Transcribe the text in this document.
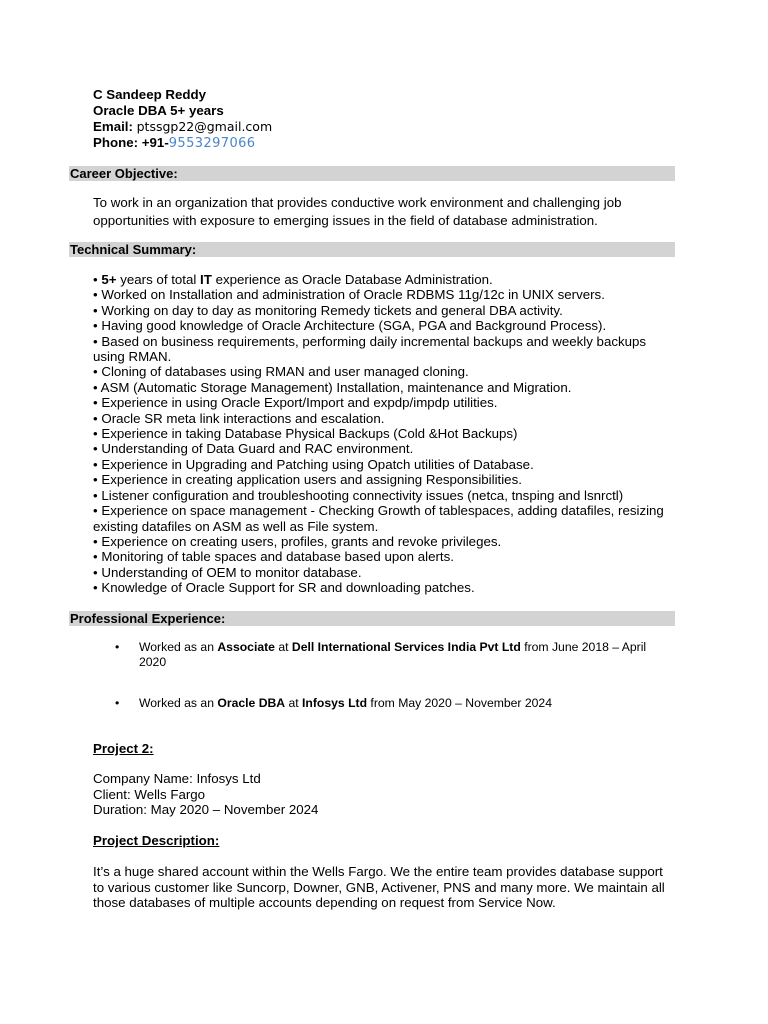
C Sandeep Reddy
Oracle DBA 5+ years
Email: ptssgp22@gmail.com
Phone: +91-9553297066
Career Objective:
To work in an organization that provides conductive work environment and challenging job opportunities with exposure to emerging issues in the field of database administration.
Technical Summary:
• 5+ years of total IT experience as Oracle Database Administration.
• Worked on Installation and administration of Oracle RDBMS 11g/12c in UNIX servers.
• Working on day to day as monitoring Remedy tickets and general DBA activity.
• Having good knowledge of Oracle Architecture (SGA, PGA and Background Process).
• Based on business requirements, performing daily incremental backups and weekly backups using RMAN.
• Cloning of databases using RMAN and user managed cloning.
• ASM (Automatic Storage Management) Installation, maintenance and Migration.
• Experience in using Oracle Export/Import and expdp/impdp utilities.
• Oracle SR meta link interactions and escalation.
• Experience in taking Database Physical Backups (Cold &Hot Backups)
• Understanding of Data Guard and RAC environment.
• Experience in Upgrading and Patching using Opatch utilities of Database.
• Experience in creating application users and assigning Responsibilities.
• Listener configuration and troubleshooting connectivity issues (netca, tnsping and lsnrctl)
• Experience on space management - Checking Growth of tablespaces, adding datafiles, resizing existing datafiles on ASM as well as File system.
• Experience on creating users, profiles, grants and revoke privileges.
• Monitoring of table spaces and database based upon alerts.
• Understanding of OEM to monitor database.
• Knowledge of Oracle Support for SR and downloading patches.
Professional Experience:
• Worked as an Associate at Dell International Services India Pvt Ltd from June 2018 – April 2020
• Worked as an Oracle DBA at Infosys Ltd from May 2020 – November 2024
Project 2:
Company Name: Infosys Ltd
Client: Wells Fargo
Duration: May 2020 – November 2024
Project Description:
It’s a huge shared account within the Wells Fargo. We the entire team provides database support to various customer like Suncorp, Downer, GNB, Activener, PNS and many more. We maintain all those databases of multiple accounts depending on request from Service Now.
